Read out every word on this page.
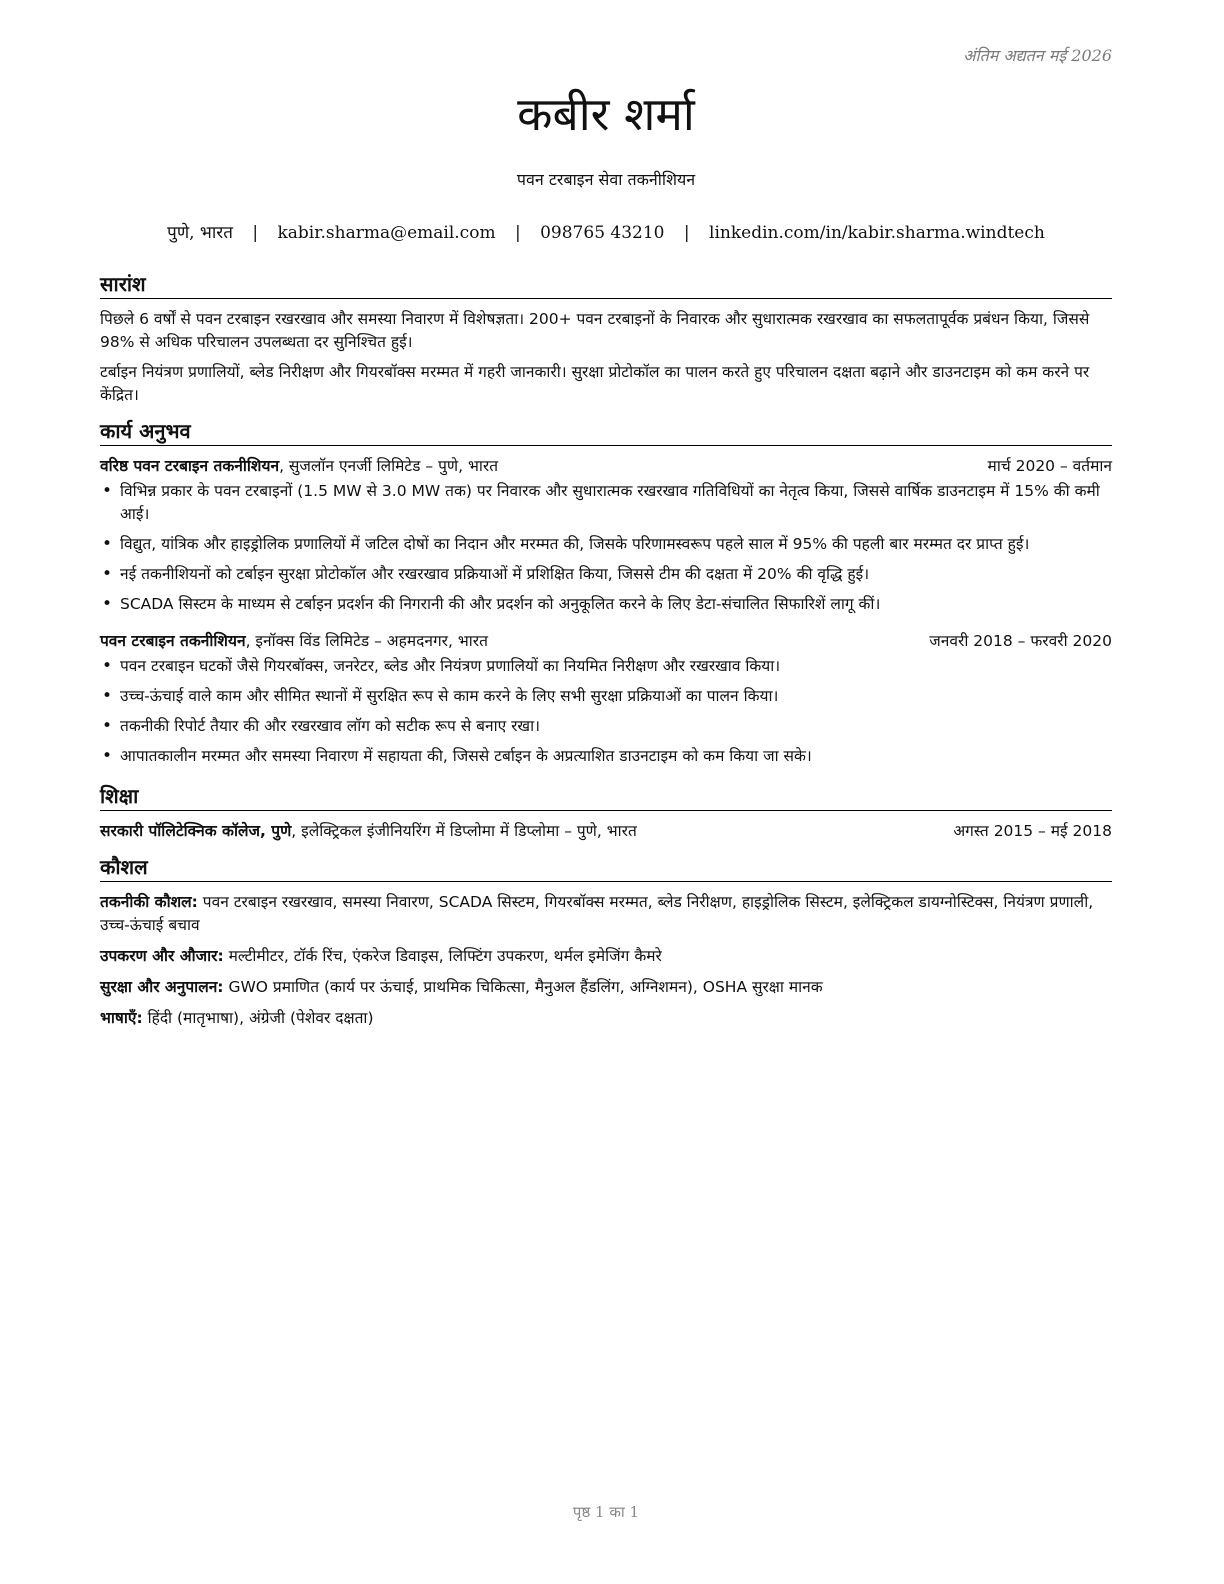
अंतिम अद्यतन मई 2026
कबीर शर्मा
पवन टरबाइन सेवा तकनीशियन
पुणे, भारत | kabir.sharma@email.com | 098765 43210 | linkedin.com/in/kabir.sharma.windtech
सारांश

पिछले 6 वर्षों से पवन टरबाइन रखरखाव और समस्या निवारण में विशेषज्ञता। 200+ पवन टरबाइनों के निवारक और सुधारात्मक रखरखाव का सफलतापूर्वक प्रबंधन किया, जिससे 98% से अधिक परिचालन उपलब्धता दर सुनिश्चित हुई।

टर्बाइन नियंत्रण प्रणालियों, ब्लेड निरीक्षण और गियरबॉक्स मरम्मत में गहरी जानकारी। सुरक्षा प्रोटोकॉल का पालन करते हुए परिचालन दक्षता बढ़ाने और डाउनटाइम को कम करने पर केंद्रित।

कार्य अनुभव
वरिष्ठ पवन टरबाइन तकनीशियन, सुजलॉन एनर्जी लिमिटेड – पुणे, भारत	मार्च 2020 – वर्तमान
• विभिन्न प्रकार के पवन टरबाइनों (1.5 MW से 3.0 MW तक) पर निवारक और सुधारात्मक रखरखाव गतिविधियों का नेतृत्व किया, जिससे वार्षिक डाउनटाइम में 15% की कमी आई।
• विद्युत, यांत्रिक और हाइड्रोलिक प्रणालियों में जटिल दोषों का निदान और मरम्मत की, जिसके परिणामस्वरूप पहले साल में 95% की पहली बार मरम्मत दर प्राप्त हुई।
• नई तकनीशियनों को टर्बाइन सुरक्षा प्रोटोकॉल और रखरखाव प्रक्रियाओं में प्रशिक्षित किया, जिससे टीम की दक्षता में 20% की वृद्धि हुई।
• SCADA सिस्टम के माध्यम से टर्बाइन प्रदर्शन की निगरानी की और प्रदर्शन को अनुकूलित करने के लिए डेटा-संचालित सिफारिशें लागू कीं।
पवन टरबाइन तकनीशियन, इनॉक्स विंड लिमिटेड – अहमदनगर, भारत	जनवरी 2018 – फरवरी 2020
• पवन टरबाइन घटकों जैसे गियरबॉक्स, जनरेटर, ब्लेड और नियंत्रण प्रणालियों का नियमित निरीक्षण और रखरखाव किया।
• उच्च-ऊंचाई वाले काम और सीमित स्थानों में सुरक्षित रूप से काम करने के लिए सभी सुरक्षा प्रक्रियाओं का पालन किया।
• तकनीकी रिपोर्ट तैयार की और रखरखाव लॉग को सटीक रूप से बनाए रखा।
• आपातकालीन मरम्मत और समस्या निवारण में सहायता की, जिससे टर्बाइन के अप्रत्याशित डाउनटाइम को कम किया जा सके।
शिक्षा
सरकारी पॉलिटेक्निक कॉलेज, पुणे, इलेक्ट्रिकल इंजीनियरिंग में डिप्लोमा में डिप्लोमा – पुणे, भारत	अगस्त 2015 – मई 2018
कौशल

तकनीकी कौशल: पवन टरबाइन रखरखाव, समस्या निवारण, SCADA सिस्टम, गियरबॉक्स मरम्मत, ब्लेड निरीक्षण, हाइड्रोलिक सिस्टम, इलेक्ट्रिकल डायग्नोस्टिक्स, नियंत्रण प्रणाली, उच्च-ऊंचाई बचाव

उपकरण और औजार: मल्टीमीटर, टॉर्क रिंच, एंकरेज डिवाइस, लिफ्टिंग उपकरण, थर्मल इमेजिंग कैमरे

सुरक्षा और अनुपालन: GWO प्रमाणित (कार्य पर ऊंचाई, प्राथमिक चिकित्सा, मैनुअल हैंडलिंग, अग्निशमन), OSHA सुरक्षा मानक

भाषाएँ: हिंदी (मातृभाषा), अंग्रेजी (पेशेवर दक्षता)

पृष्ठ 1 का 1
